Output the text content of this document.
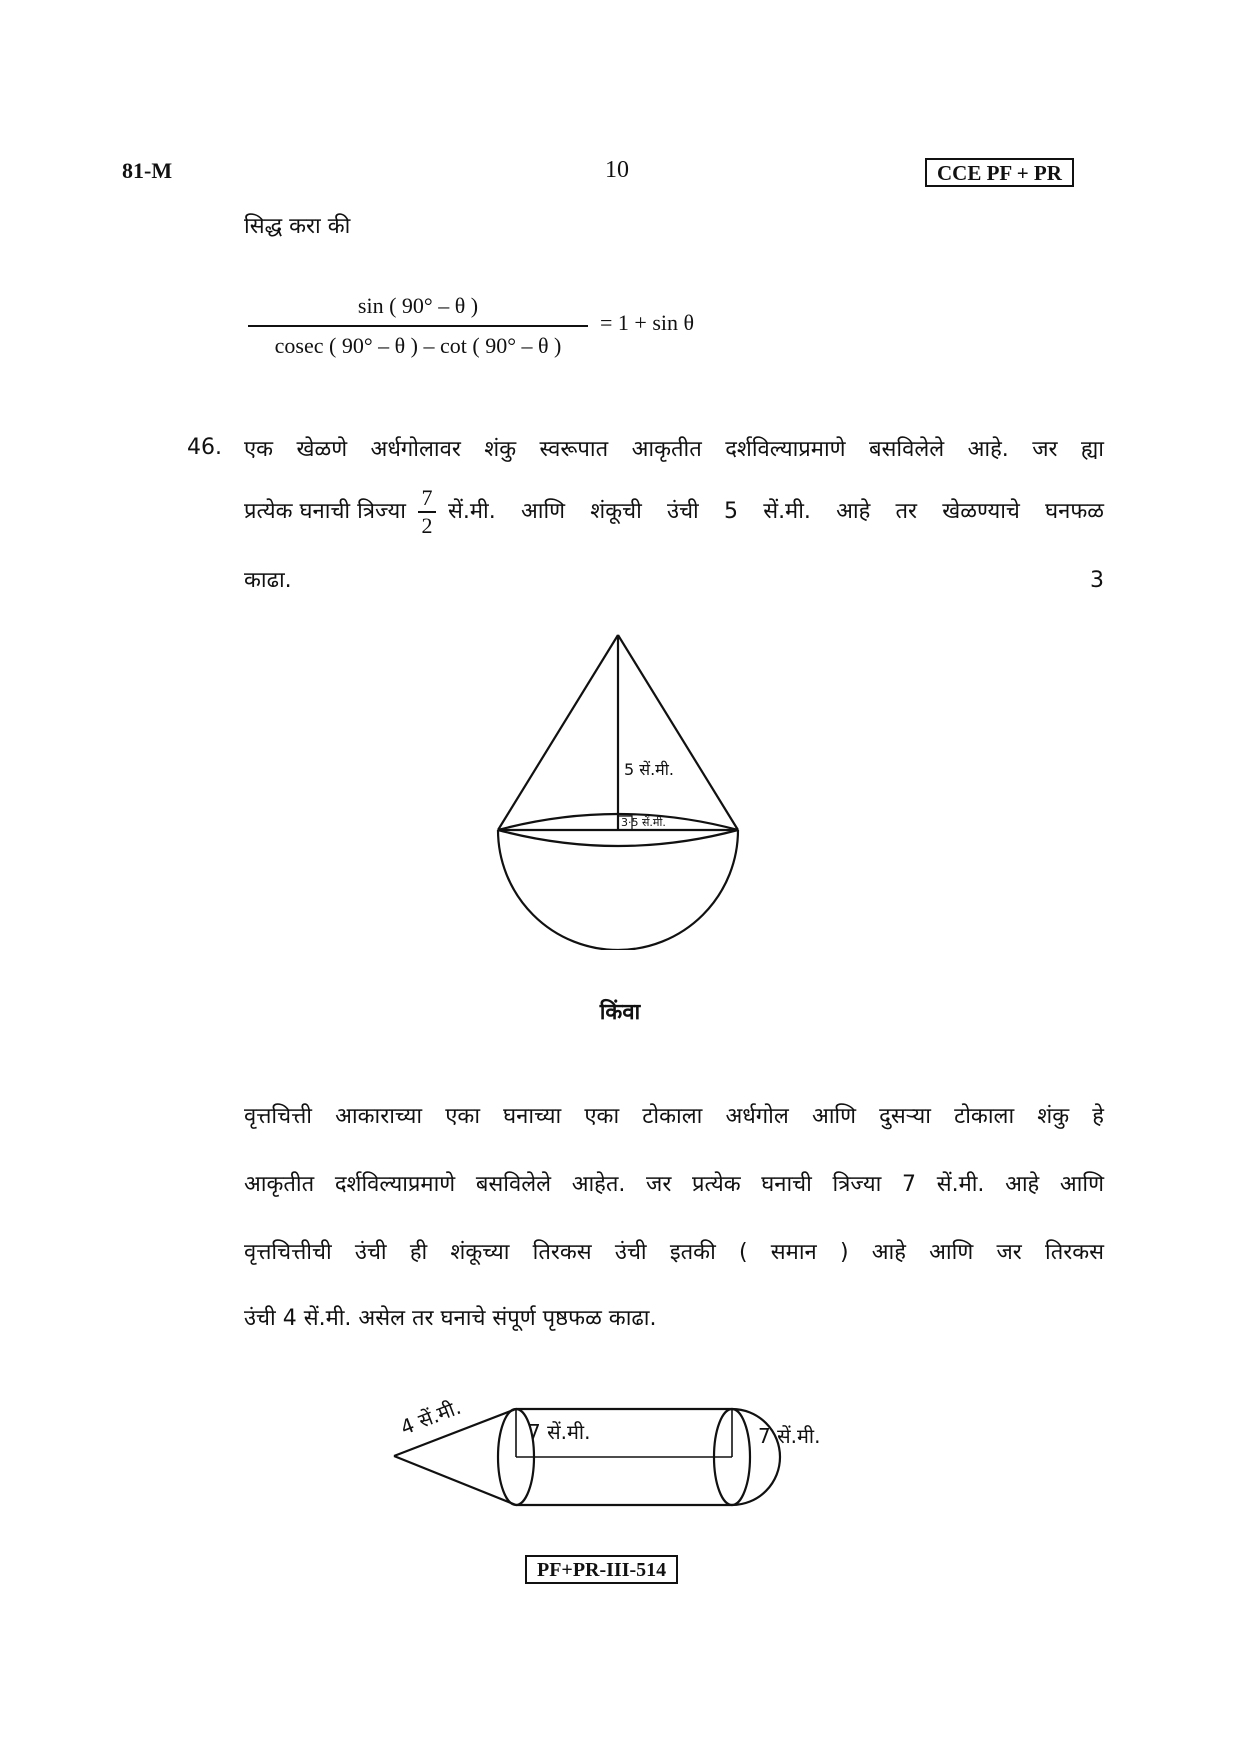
81-M	10	CCE PF + PR
सिद्ध करा की
sin ( 90° – θ )
cosec ( 90° – θ ) – cot ( 90° – θ )
= 1 + sin θ
46. एक खेळणे अर्धगोलावर शंकु स्वरूपात आकृतीत दर्शविल्याप्रमाणे बसविलेले आहे. जर ह्या
प्रत्येक घनाची त्रिज्या
7
2
सें.मी. आणि शंकूची उंची 5 सें.मी. आहे तर खेळण्याचे घनफळ
काढा.	3
5 सें.मी.
3·5 सें.मी.
किंवा
वृत्तचित्ती आकाराच्या एका घनाच्या एका टोकाला अर्धगोल आणि दुसऱ्या टोकाला शंकु हे
आकृतीत दर्शविल्याप्रमाणे बसविलेले आहेत. जर प्रत्येक घनाची त्रिज्या 7 सें.मी. आहे आणि
वृत्तचित्तीची उंची ही शंकूच्या तिरकस उंची इतकी ( समान ) आहे आणि जर तिरकस
उंची 4 सें.मी. असेल तर घनाचे संपूर्ण पृष्ठफळ काढा.
4 सें.मी.	7 सें.मी.	7 सें.मी.
PF+PR-III-514
